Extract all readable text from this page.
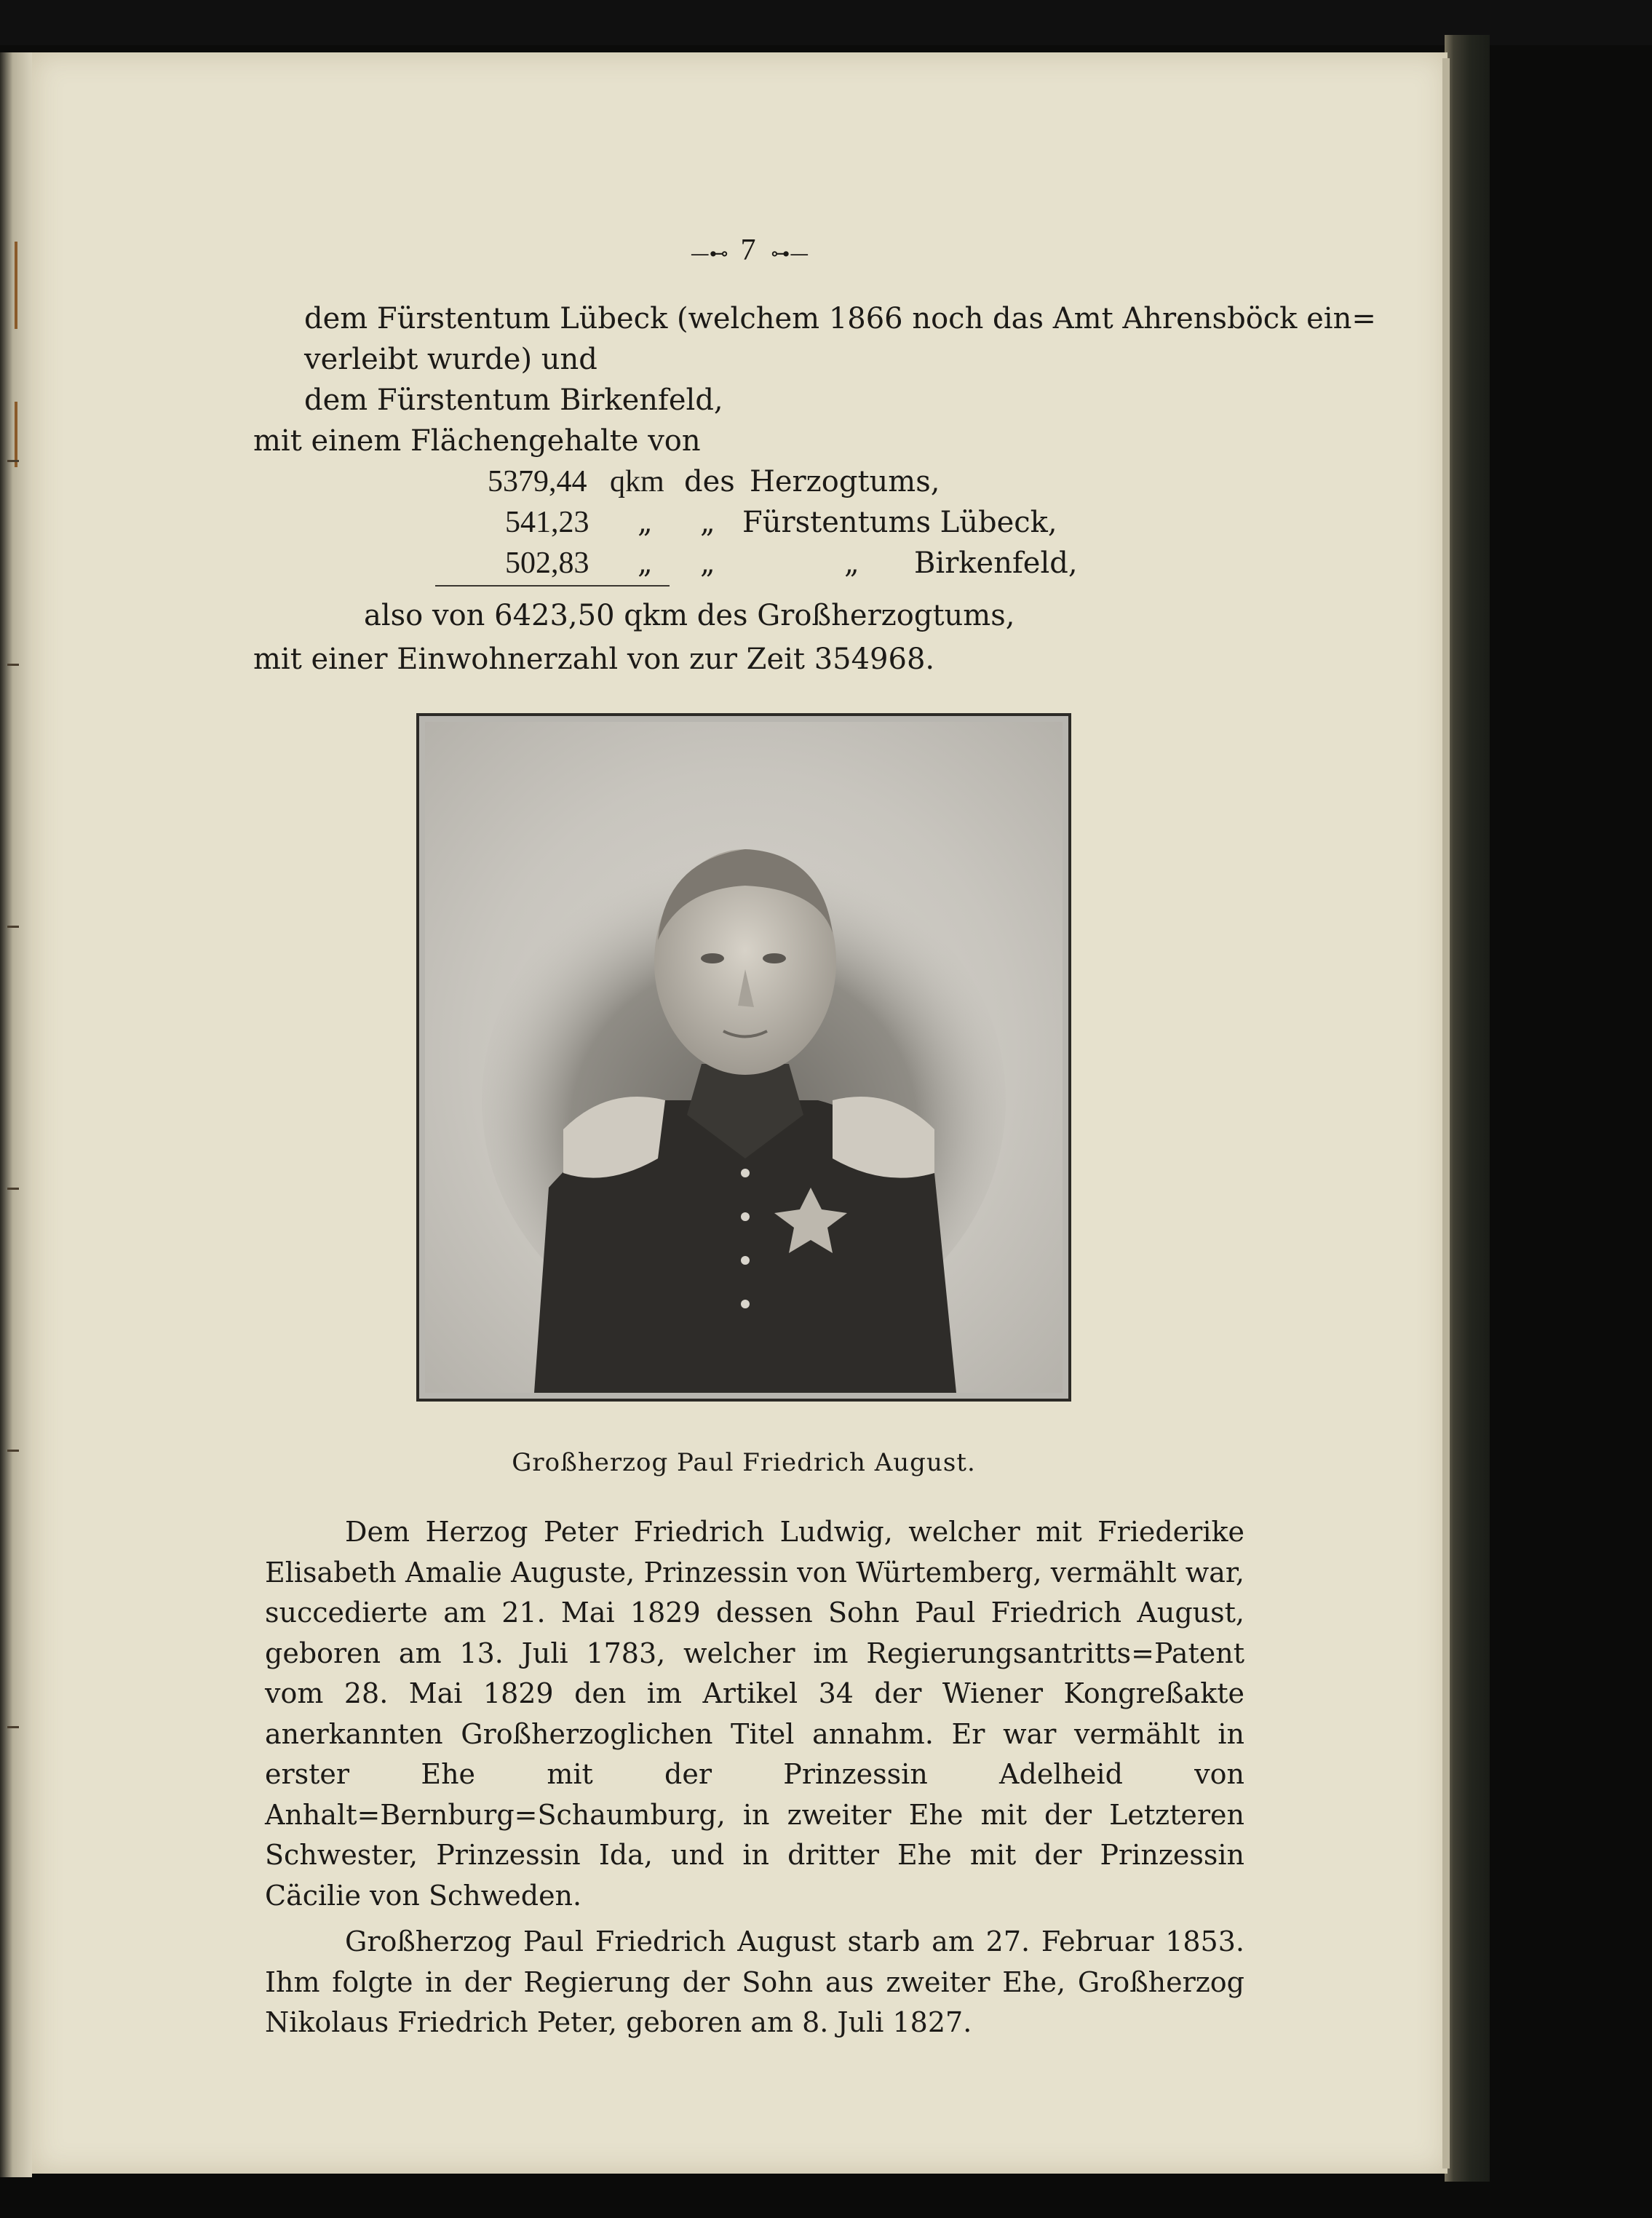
—⊷ 7 ⊶—
dem Fürstentum Lübeck (welchem 1866 noch das Amt Ahrensböck ein=
verleibt wurde) und
dem Fürstentum Birkenfeld,
mit einem Flächengehalte von
5379,44 qkm des Herzogtums,
541,23 „ „ Fürstentums Lübeck,
502,83 „ „	„ Birkenfeld,
also von 6423,50 qkm des Großherzogtums,
mit einer Einwohnerzahl von zur Zeit 354968.
Großherzog Paul Friedrich August.

Dem Herzog Peter Friedrich Ludwig, welcher mit Friederike Elisabeth Amalie Auguste, Prinzessin von Würtemberg, vermählt war, succedierte am 21. Mai 1829 dessen Sohn Paul Friedrich August, geboren am 13. Juli 1783, welcher im Regierungsantritts=Patent vom 28. Mai 1829 den im Artikel 34 der Wiener Kongreßakte anerkannten Großherzoglichen Titel annahm. Er war vermählt in erster Ehe mit der Prinzessin Adelheid von Anhalt=Bernburg=Schaumburg, in zweiter Ehe mit der Letzteren Schwester, Prinzessin Ida, und in dritter Ehe mit der Prinzessin Cäcilie von Schweden.

Großherzog Paul Friedrich August starb am 27. Februar 1853. Ihm folgte in der Regierung der Sohn aus zweiter Ehe, Großherzog Nikolaus Friedrich Peter, geboren am 8. Juli 1827.
